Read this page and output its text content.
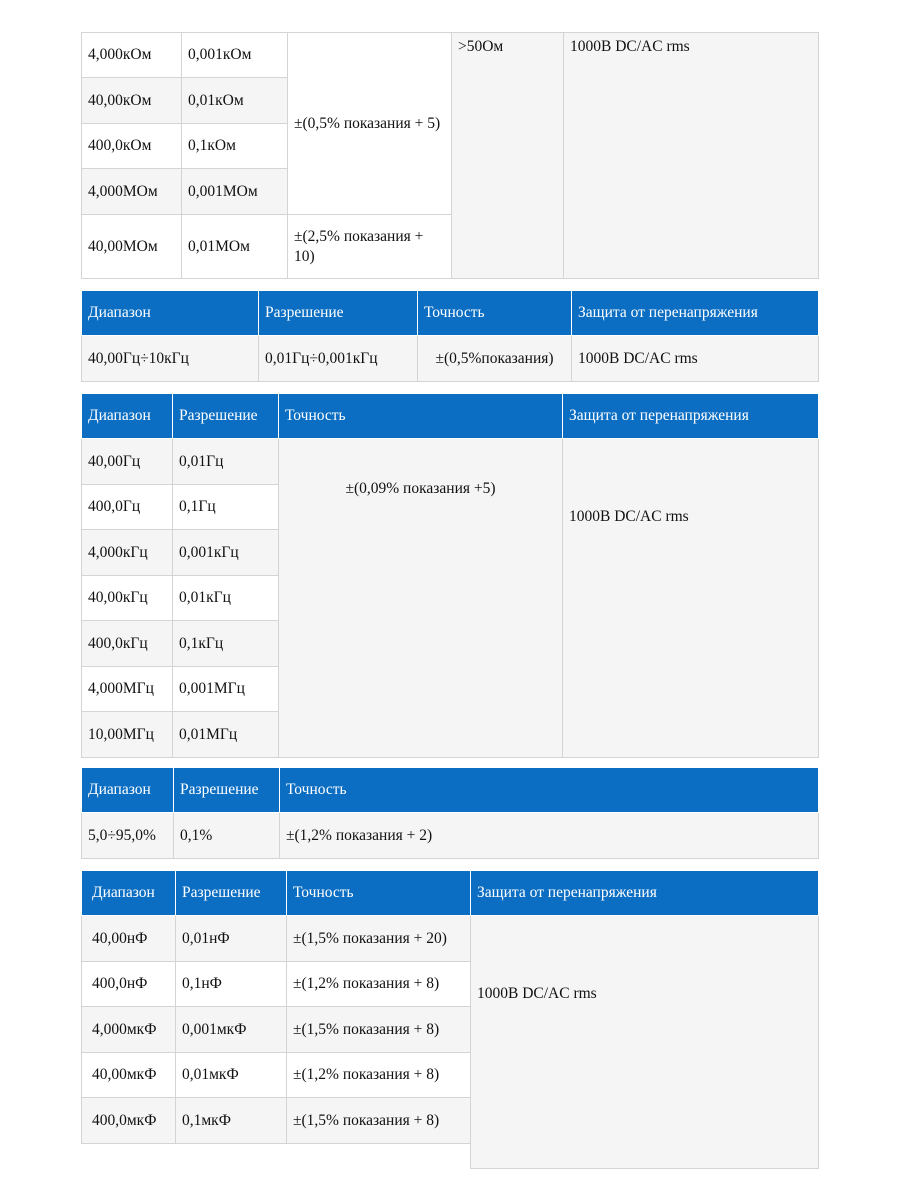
4,000кОм	0,001кОм	±(0,5% показания + 5)	>50Ом	1000В DC/AC rms
40,00кОм	0,01кОм			
400,0кОм	0,1кОм			
4,000МОм	0,001МОм			
40,00МОм	0,01МОм	±(2,5% показания + 10)		
Диапазон	Разрешение	Точность	Защита от перенапряжения
40,00Гц÷10кГц	0,01Гц÷0,001кГц	±(0,5%показания)	1000В DC/AC rms
Диапазон	Разрешение	Точность	Защита от перенапряжения
40,00Гц	0,01Гц	±(0,09% показания +5)	1000В DC/AC rms
400,0Гц	0,1Гц		
4,000кГц	0,001кГц		
40,00кГц	0,01кГц		
400,0кГц	0,1кГц		
4,000МГц	0,001МГц		
10,00МГц	0,01МГц		
Диапазон	Разрешение	Точность
5,0÷95,0%	0,1%	±(1,2% показания + 2)
Диапазон	Разрешение	Точность	Защита от перенапряжения
40,00нФ	0,01нФ	±(1,5% показания + 20)	1000В DC/AC rms
400,0нФ	0,1нФ	±(1,2% показания + 8)	
4,000мкФ	0,001мкФ	±(1,5% показания + 8)	
40,00мкФ	0,01мкФ	±(1,2% показания + 8)	
400,0мкФ	0,1мкФ	±(1,5% показания + 8)	
